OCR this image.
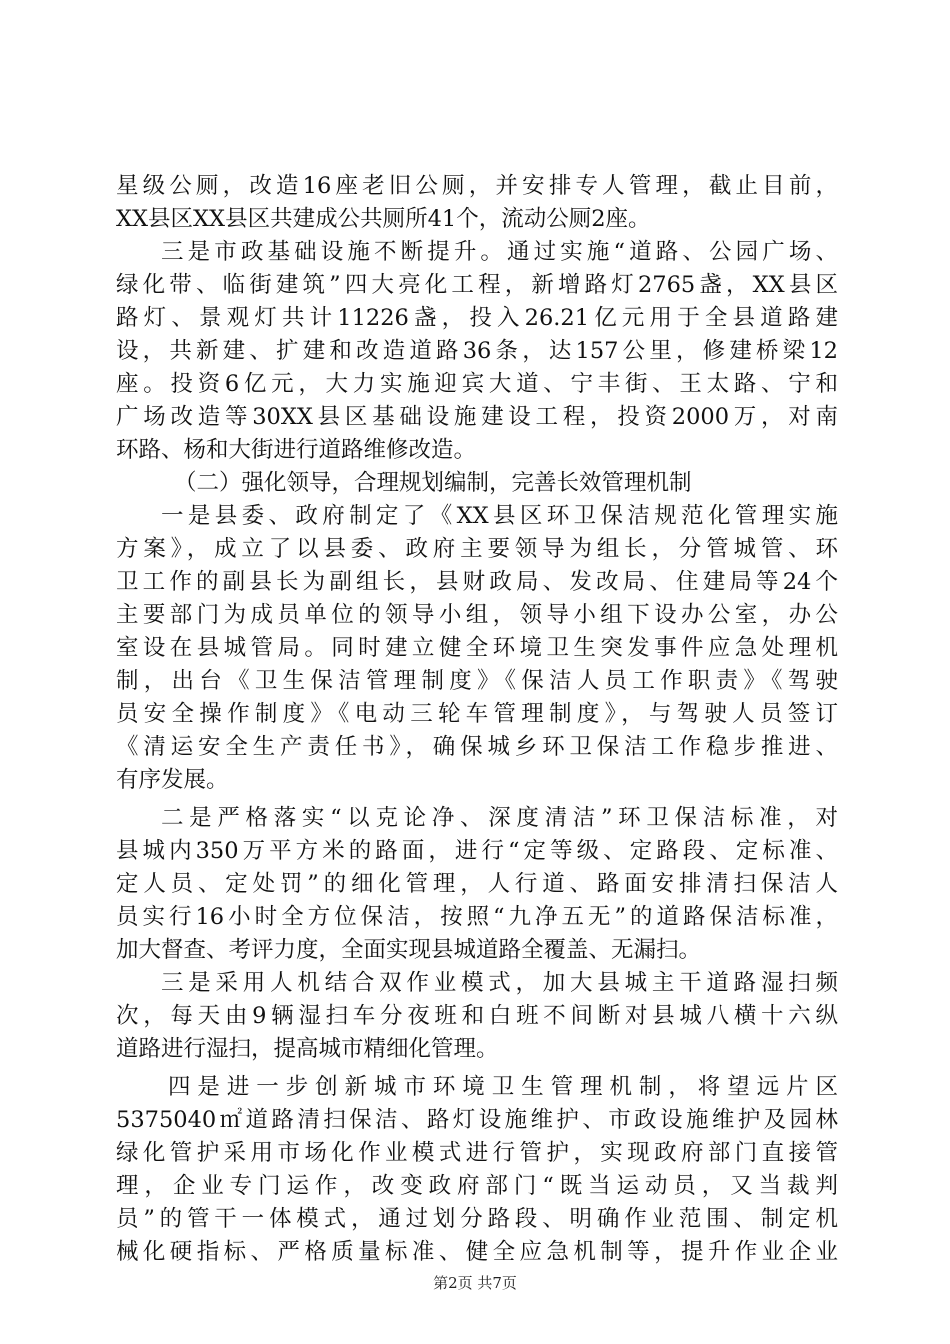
星级公厕，改造16座老旧公厕，并安排专人管理，截止目前，
XX县区XX县区共建成公共厕所41个，流动公厕2座。
三是市政基础设施不断提升。通过实施“道路、公园广场、
绿化带、临街建筑”四大亮化工程，新增路灯2765盏，XX县区
路灯、景观灯共计11226盏，投入26.21亿元用于全县道路建
设，共新建、扩建和改造道路36条，达157公里，修建桥梁12
座。投资6亿元，大力实施迎宾大道、宁丰街、王太路、宁和
广场改造等30XX县区基础设施建设工程，投资2000万，对南
环路、杨和大街进行道路维修改造。
（二）强化领导，合理规划编制，完善长效管理机制
一是县委、政府制定了《XX县区环卫保洁规范化管理实施
方案》，成立了以县委、政府主要领导为组长，分管城管、环
卫工作的副县长为副组长，县财政局、发改局、住建局等24个
主要部门为成员单位的领导小组，领导小组下设办公室，办公
室设在县城管局。同时建立健全环境卫生突发事件应急处理机
制，出台《卫生保洁管理制度》《保洁人员工作职责》《驾驶
员安全操作制度》《电动三轮车管理制度》，与驾驶人员签订
《清运安全生产责任书》，确保城乡环卫保洁工作稳步推进、
有序发展。
二是严格落实“以克论净、深度清洁”环卫保洁标准，对
县城内350万平方米的路面，进行“定等级、定路段、定标准、
定人员、定处罚”的细化管理，人行道、路面安排清扫保洁人
员实行16小时全方位保洁，按照“九净五无”的道路保洁标准，
加大督查、考评力度，全面实现县城道路全覆盖、无漏扫。
三是采用人机结合双作业模式，加大县城主干道路湿扫频
次，每天由9辆湿扫车分夜班和白班不间断对县城八横十六纵
道路进行湿扫，提高城市精细化管理。
四是进一步创新城市环境卫生管理机制，将望远片区
5375040㎡道路清扫保洁、路灯设施维护、市政设施维护及园林
绿化管护采用市场化作业模式进行管护，实现政府部门直接管
理，企业专门运作，改变政府部门“既当运动员，又当裁判
员”的管干一体模式，通过划分路段、明确作业范围、制定机
械化硬指标、严格质量标准、健全应急机制等，提升作业企业
第2页 共7页
